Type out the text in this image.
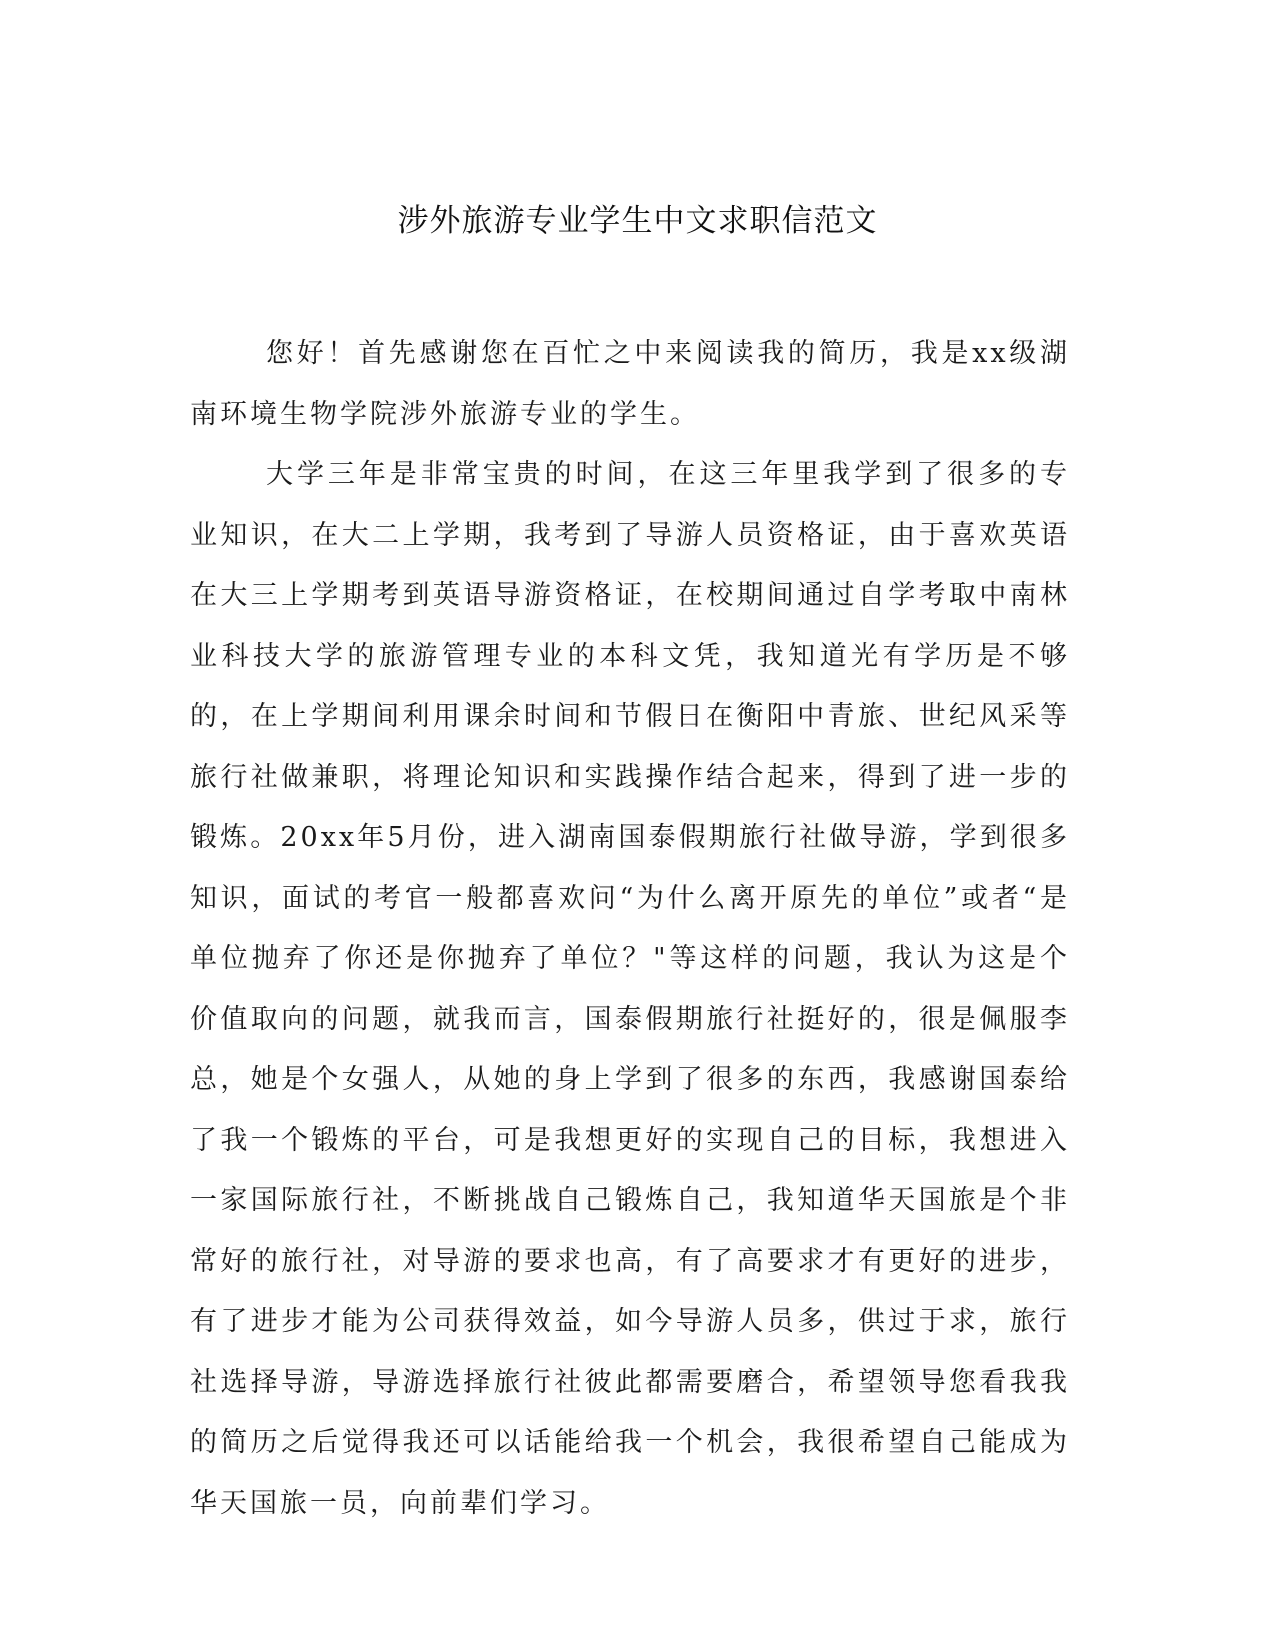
涉外旅游专业学生中文求职信范文

您好！首先感谢您在百忙之中来阅读我的简历，我是xx级湖南环境生物学院涉外旅游专业的学生。

大学三年是非常宝贵的时间，在这三年里我学到了很多的专业知识，在大二上学期，我考到了导游人员资格证，由于喜欢英语在大三上学期考到英语导游资格证，在校期间通过自学考取中南林业科技大学的旅游管理专业的本科文凭，我知道光有学历是不够的，在上学期间利用课余时间和节假日在衡阳中青旅、世纪风采等旅行社做兼职，将理论知识和实践操作结合起来，得到了进一步的锻炼。20xx年5月份，进入湖南国泰假期旅行社做导游，学到很多知识，面试的考官一般都喜欢问“为什么离开原先的单位”或者“是单位抛弃了你还是你抛弃了单位？"等这样的问题，我认为这是个价值取向的问题，就我而言，国泰假期旅行社挺好的，很是佩服李总，她是个女强人，从她的身上学到了很多的东西，我感谢国泰给了我一个锻炼的平台，可是我想更好的实现自己的目标，我想进入一家国际旅行社，不断挑战自己锻炼自己，我知道华天国旅是个非常好的旅行社，对导游的要求也高，有了高要求才有更好的进步，有了进步才能为公司获得效益，如今导游人员多，供过于求，旅行社选择导游，导游选择旅行社彼此都需要磨合，希望领导您看我我的简历之后觉得我还可以话能给我一个机会，我很希望自己能成为华天国旅一员，向前辈们学习。
